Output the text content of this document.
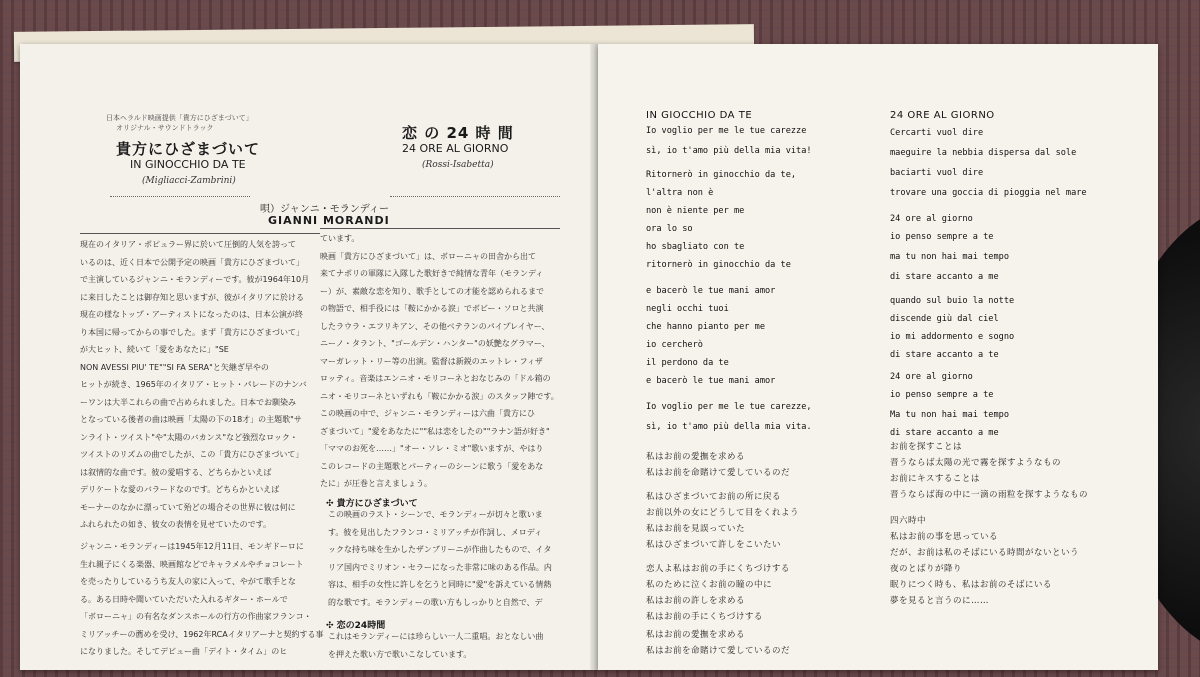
日本ヘラルド映画提供「貴方にひざまづいて」
オリジナル・サウンドトラック
貴方にひざまづいて
IN GINOCCHIO DA TE
(Migliacci-Zambrini)
恋 の 24 時 間
24 ORE AL GIORNO
(Rossi-Isabetta)
唄）ジャンニ・モランディー
GIANNI MORANDI
現在のイタリア・ポピュラー界に於いて圧倒的人気を誇って
いるのは、近く日本で公開予定の映画「貴方にひざまづいて」
で主演しているジャンニ・モランディーです。彼が1964年10月
に来日したことは御存知と思いますが、彼がイタリアに於ける
現在の様なトップ・アーティストになったのは、日本公演が終
り本国に帰ってからの事でした。まず「貴方にひざまづいて」
が大ヒット、続いて「愛をあなたに」"SE
NON AVESSI PIU' TE""SI FA SERA"と矢継ぎ早やの
ヒットが続き、1965年のイタリア・ヒット・パレードのナンバ
ーワンは大半これらの曲で占められました。日本でお馴染み
となっている後者の曲は映画「太陽の下の18才」の主題歌"サ
ンライト・ツイスト"や"太陽のバカンス"など強烈なロック・
ツイストのリズムの曲でしたが、この「貴方にひざまづいて」
は叙情的な曲です。彼の愛唱する、どちらかといえば
デリケートな愛のバラードなのです。どちらかといえば
モーナーのなかに漂っていて殆どの場合その世界に彼は何に
ふれられたの如き、彼女の表情を見せていたのです。
ジャンニ・モランディーは1945年12月11日、モンギドーロに
生れ親子にくる楽器、映画館などでキャラメルやチョコレート
を売ったりしているうち友人の家に入って、やがて歌手とな
る。ある日時や聞いていただいた入れるギター・ホールで
「ボローニャ」の有名なダンスホールの行方の作曲家フランコ・
ミリアッチーの薦めを受け、1962年RCAイタリアーナと契約する事
になりました。そしてデビュー曲「デイト・タイム」のヒ
ています。
映画「貴方にひざまづいて」は、ボローニャの田舎から出て
来てナポリの軍隊に入隊した歌好きで純情な青年（モランディ
ー）が、素敵な恋を知り、歌手としての才能を認められるまで
の物語で、相手役には「鞍にかかる涙」でボビー・ソロと共演
したラウラ・エフリキアン、その他ベテランのパイプレイヤー、
ニーノ・タラント、"ゴールデン・ハンター"の妖艶なグラマー、
マーガレット・リー等の出演。監督は新鋭のエットレ・フィザ
ロッティ。音楽はエンニオ・モリコーネとおなじみの「ドル箱の
ニオ・モリコーネといずれも「鞍にかかる涙」のスタッフ陣です。
この映画の中で、ジャンニ・モランディーは六曲「貴方にひ
ざまづいて」"愛をあなたに""私は恋をしたの""ラナン語が好き"
「ママのお死を……」"オー・ソレ・ミオ"歌いますが、やはり
このレコードの主題歌とパーティーのシーンに歌う「愛をあな
たに」が圧巻と言えましょう。
✣ 貴方にひざまづいて
この映画のラスト・シーンで、モランディーが切々と歌いま
す。彼を見出したフランコ・ミリアッチが作詞し、メロディ
ックな持ち味を生かしたザンブリーニが作曲したもので、イタ
リア国内でミリオン・セラーになった非常に味のある作品。内
容は、相手の女性に許しを乞うと同時に"愛"を訴えている情熱
的な歌です。モランディーの歌い方もしっかりと自然で、デ
✣ 恋の24時間
これはモランディーには珍らしい一人二重唱。おとなしい曲
を押えた歌い方で歌いこなしています。
IN GIOCCHIO DA TE	24 ORE AL GIORNO
Io voglio per me le tue carezze
sì, io t'amo più della mia vita!
Ritornerò in ginocchio da te,
l'altra non è
non è niente per me
ora lo so
ho sbagliato con te
ritornerò in ginocchio da te
e bacerò le tue mani amor
negli occhi tuoi
che hanno pianto per me
io cercherò
il perdono da te
e bacerò le tue mani amor
Io voglio per me le tue carezze,
sì, io t'amo più della mia vita.
私はお前の愛撫を求める
私はお前を命賭けて愛しているのだ
私はひざまづいてお前の所に戻る
お前以外の女にどうして目をくれよう
私はお前を見誤っていた
私はひざまづいて許しをこいたい
恋人よ私はお前の手にくちづけする
私のために泣くお前の瞳の中に
私はお前の許しを求める
私はお前の手にくちづけする
私はお前の愛撫を求める
私はお前を命賭けて愛しているのだ
Cercarti vuol dire
maeguire la nebbia dispersa dal sole
baciarti vuol dire
trovare una goccia di pioggia nel mare
24 ore al giorno
io penso sempre a te
ma tu non hai mai tempo
di stare accanto a me
quando sul buio la notte
discende giù dal ciel
io mi addormento e sogno
di stare accanto a te
24 ore al giorno
io penso sempre a te
Ma tu non hai mai tempo
di stare accanto a me
お前を探すことは
晋うならば太陽の光で霧を探すようなもの
お前にキスすることは
晋うならば海の中に一滴の雨粒を探すようなもの
四六時中
私はお前の事を思っている
だが、お前は私のそばにいる時間がないという
夜のとばりが降り
眠りにつく時も、私はお前のそばにいる
夢を見ると言うのに……
